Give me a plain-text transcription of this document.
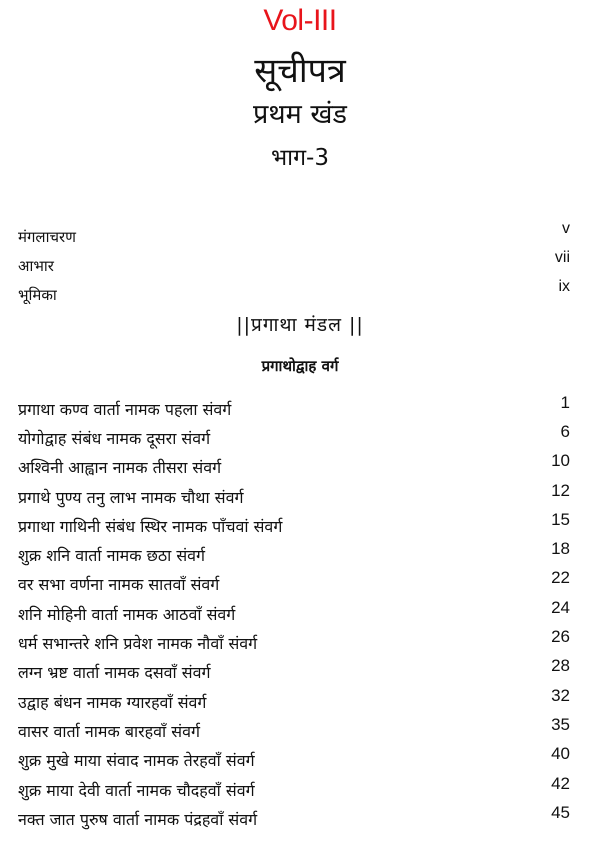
Vol-III
सूचीपत्र
प्रथम खंड
भाग-3
मंगलाचरण	v
आभार	vii
भूमिका	ix
||प्रगाथा मंडल ||
प्रगाथोद्वाह वर्ग
प्रगाथा कण्व वार्ता नामक पहला संवर्ग	1
योगोद्वाह संबंध नामक दूसरा संवर्ग	6
अश्विनी आह्वान नामक तीसरा संवर्ग	10
प्रगाथे पुण्य तनु लाभ नामक चौथा संवर्ग	12
प्रगाथा गाथिनी संबंध स्थिर नामक पाँचवां संवर्ग	15
शुक्र शनि वार्ता नामक छठा संवर्ग	18
वर सभा वर्णना नामक सातवाँ संवर्ग	22
शनि मोहिनी वार्ता नामक आठवाँ संवर्ग	24
धर्म सभान्तरे शनि प्रवेश नामक नौवाँ संवर्ग	26
लग्न भ्रष्ट वार्ता नामक दसवाँ संवर्ग	28
उद्वाह बंधन नामक ग्यारहवाँ संवर्ग	32
वासर वार्ता नामक बारहवाँ संवर्ग	35
शुक्र मुखे माया संवाद नामक तेरहवाँ संवर्ग	40
शुक्र माया देवी वार्ता नामक चौदहवाँ संवर्ग	42
नक्त जात पुरुष वार्ता नामक पंद्रहवाँ संवर्ग	45
